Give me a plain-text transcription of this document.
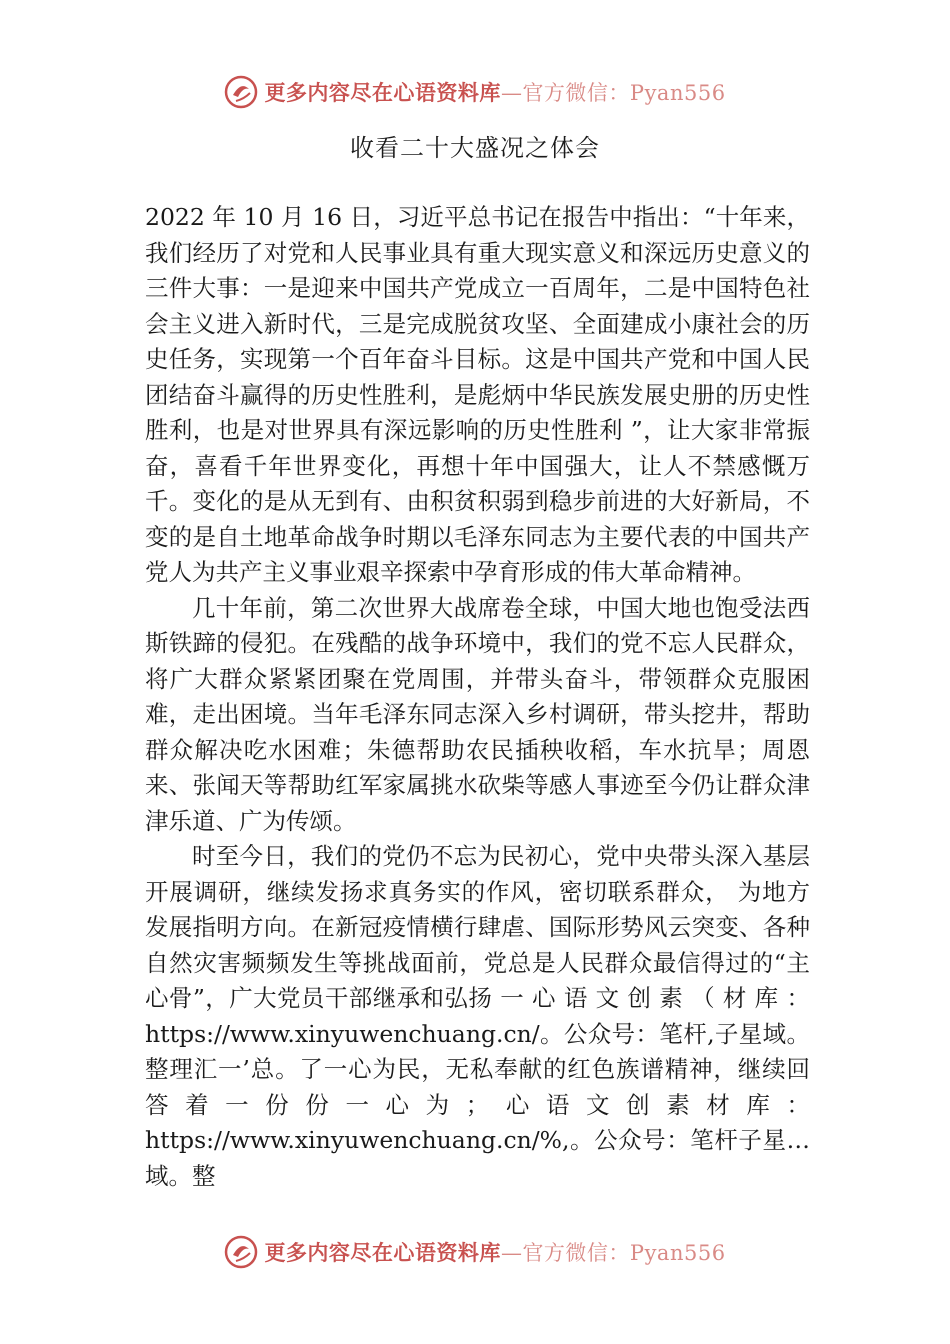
更多内容尽在心语资料库—官方微信：Pyan556
收看二十大盛况之体会

2022 年 10 月 16 日，习近平总书记在报告中指出：“十年来，我们经历了对党和人民事业具有重大现实意义和深远历史意义的三件大事：一是迎来中国共产党成立一百周年，二是中国特色社会主义进入新时代，三是完成脱贫攻坚、全面建成小康社会的历史任务，实现第一个百年奋斗目标。这是中国共产党和中国人民团结奋斗赢得的历史性胜利，是彪炳中华民族发展史册的历史性胜利，也是对世界具有深远影响的历史性胜利 ”，让大家非常振奋，喜看千年世界变化，再想十年中国强大，让人不禁感慨万千。变化的是从无到有、由积贫积弱到稳步前进的大好新局，不变的是自土地革命战争时期以毛泽东同志为主要代表的中国共产党人为共产主义事业艰辛探索中孕育形成的伟大革命精神。

几十年前，第二次世界大战席卷全球，中国大地也饱受法西斯铁蹄的侵犯。在残酷的战争环境中，我们的党不忘人民群众，将广大群众紧紧团聚在党周围，并带头奋斗，带领群众克服困难，走出困境。当年毛泽东同志深入乡村调研，带头挖井，帮助群众解决吃水困难；朱德帮助农民插秧收稻，车水抗旱；周恩来、张闻天等帮助红军家属挑水砍柴等感人事迹至今仍让群众津津乐道、广为传颂。

时至今日，我们的党仍不忘为民初心，党中央带头深入基层开展调研，继续发扬求真务实的作风，密切联系群众， 为地方发展指明方向。在新冠疫情横行肆虐、国际形势风云突变、各种自然灾害频频发生等挑战面前，党总是人民群众最信得过的“主心骨”，广大党员干部继承和弘扬 一 心 语 文 创 素 （ 材 库 ： https://www.xinyuwenchuang.cn/。公众号：笔杆,子星域。整理汇一’总。了一心为民，无私奉献的红色族谱精神，继续回答着一份份一心为；心语文创素材库：https://www.xinyuwenchuang.cn/%,。公众号：笔杆子星…域。整

更多内容尽在心语资料库—官方微信：Pyan556
